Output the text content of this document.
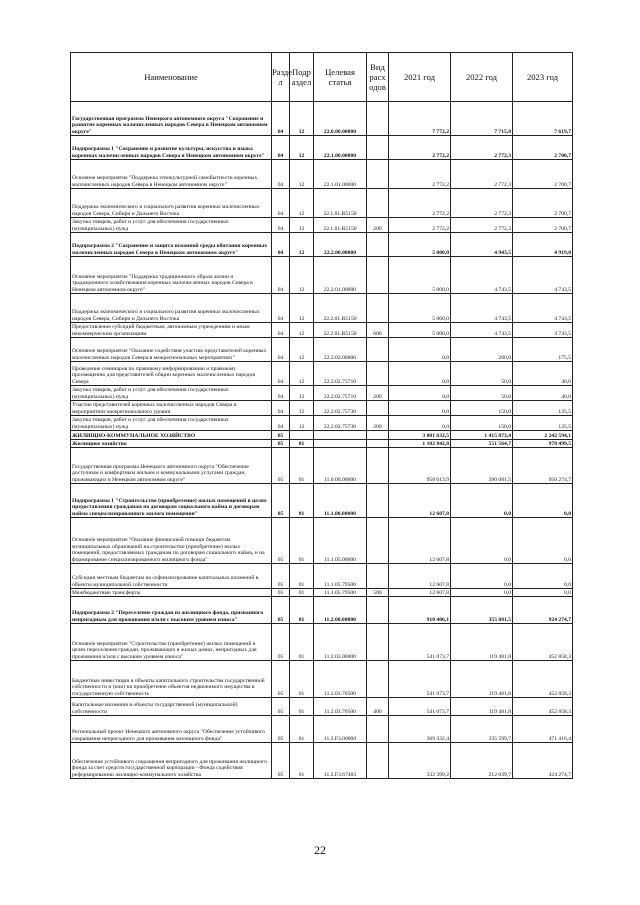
Наименование	Разде л	Подр аздел	Целевая статья	Вид расх одов	2021 год	2022 год	2023 год
Государственная программа Ненецкого автономного округа "Сохранение и развитие коренных малочисленных народов Севера в Ненецком автономном округе"	04	12	22.0.00.00000		7 772,2	7 715,8	7 619,7
Подпрограмма 1 "Сохранение и развитие культуры, искусства и языка коренных малочисленных народов Севера в Ненецком автономном округе"	04	12	22.1.00.00000		2 772,2	2 772,3	2 700,7
Основное мероприятие "Поддержка этнокультурной самобытности коренных малочисленных народов Севера в Ненецком автономном округе"	04	12	22.1.01.00000		2 772,2	2 772,3	2 700,7
Поддержка экономического и социального развития коренных малочисленных народов Севера, Сибири и Дальнего Востока	04	12	22.1.01.R5150		2 772,2	2 772,3	2 700,7
Закупка товаров, работ и услуг для обеспечения государственных (муниципальных) нужд	04	12	22.1.01.R5150	200	2 772,2	2 772,3	2 700,7
Подпрограмма 2 "Сохранение и защита исконной среды обитания коренных малочисленных народов Севера в Ненецком автономном округе"	04	12	22.2.00.00000		5 000,0	4 943,5	4 919,0
Основное мероприятие "Поддержка традиционного образа жизни и традиционного хозяйствования коренных малочисленных народов Севера в Ненецком автономном округе"	04	12	22.2.01.00000		5 000,0	4 743,5	4 743,5
Поддержка экономического и социального развития коренных малочисленных народов Севера, Сибири и Дальнего Востока	04	12	22.2.01.R5150		5 000,0	4 743,5	4 743,5
Предоставление субсидий бюджетным, автономным учреждениям и иным некоммерческим организациям	04	12	22.2.01.R5150	600	5 000,0	4 743,5	4 743,5
Основное мероприятие "Оказание содействия участию представителей коренных малочисленных народов Севера в межрегиональных мероприятиях"	04	12	22.2.02.00000		0,0	200,0	175,5
Проведение семинаров по правовому информированию и правовому просвещению для представителей общин коренных малочисленных народов Севера	04	12	22.2.02.75710		0,0	50,0	40,0
Закупка товаров, работ и услуг для обеспечения государственных (муниципальных) нужд	04	12	22.2.02.75710	200	0,0	50,0	40,0
Участие представителей коренных малочисленных народов Севера в мероприятиях межрегионального уровня	04	12	22.2.02.75730		0,0	150,0	135,5
Закупка товаров, работ и услуг для обеспечения государственных (муниципальных) нужд	04	12	22.2.02.75730	200	0,0	150,0	135,5
ЖИЛИЩНО-КОММУНАЛЬНОЕ ХОЗЯЙСТВО	05				3 001 632,5	1 415 073,4	2 242 594,1
Жилищное хозяйство	05	01			1 102 842,8	551 564,7	978 499,5
Государственная программа Ненецкого автономного округа "Обеспечение доступным и комфортным жильем и коммунальными услугами граждан, проживающих в Ненецком автономном округе"	05	01	11.0.00.00000		958 013,9	390 081,5	950 274,7
Подпрограмма 1 "Строительство (приобретение) жилых помещений в целях предоставления гражданам по договорам социального найма и договорам найма специализированного жилого помещения"	05	01	11.1.00.00000		12 607,8	0,0	0,0
Основное мероприятие "Оказание финансовой помощи бюджетам муниципальных образований на строительство (приобретение) жилых помещений, предоставляемых гражданам по договорам социального найма, и на формирование специализированного жилищного фонда"	05	01	11.1.05.00000		12 607,8	0,0	0,0
Субсидии местным бюджетам на софинансирование капитальных вложений в объекты муниципальной собственности	05	01	11.1.05.79500		12 607,8	0,0	0,0
Межбюджетные трансферты	05	01	11.1.05.79500	500	12 607,8	0,0	0,0
Подпрограмма 2 "Переселение граждан из жилищного фонда, признанного непригодным для проживания и/или с высоким уровнем износа"	05	01	11.2.00.00000		910 406,1	355 081,5	924 274,7
Основное мероприятие "Строительство (приобретение) жилых помещений в целях переселения граждан, проживающих в жилых домах, непригодных для проживания и/или с высоким уровнем износа"	05	01	11.2.03.00000		541 073,7	119 481,8	452 858,3
Бюджетные инвестиции в объекты капитального строительства государственной собственности и (или) на приобретение объектов недвижимого имущества в государственную собственность	05	01	11.2.03.70500		541 073,7	119 481,8	452 858,3
Капитальные вложения в объекты государственной (муниципальной) собственности	05	01	11.2.03.70500	400	541 073,7	119 481,8	452 858,3
Региональный проект Ненецкого автономного округа "Обеспечение устойчивого сокращения непригодного для проживания жилищного фонда"	05	01	11.2.F3.00000		369 332,4	235 599,7	471 416,4
Обеспечение устойчивого сокращения непригодного для проживания жилищного фонда за счет средств государственной корпорации - Фонда содействия реформированию жилищно-коммунального хозяйства	05	01	11.2.F3.67483		332 399,2	212 039,7	424 274,7
22
